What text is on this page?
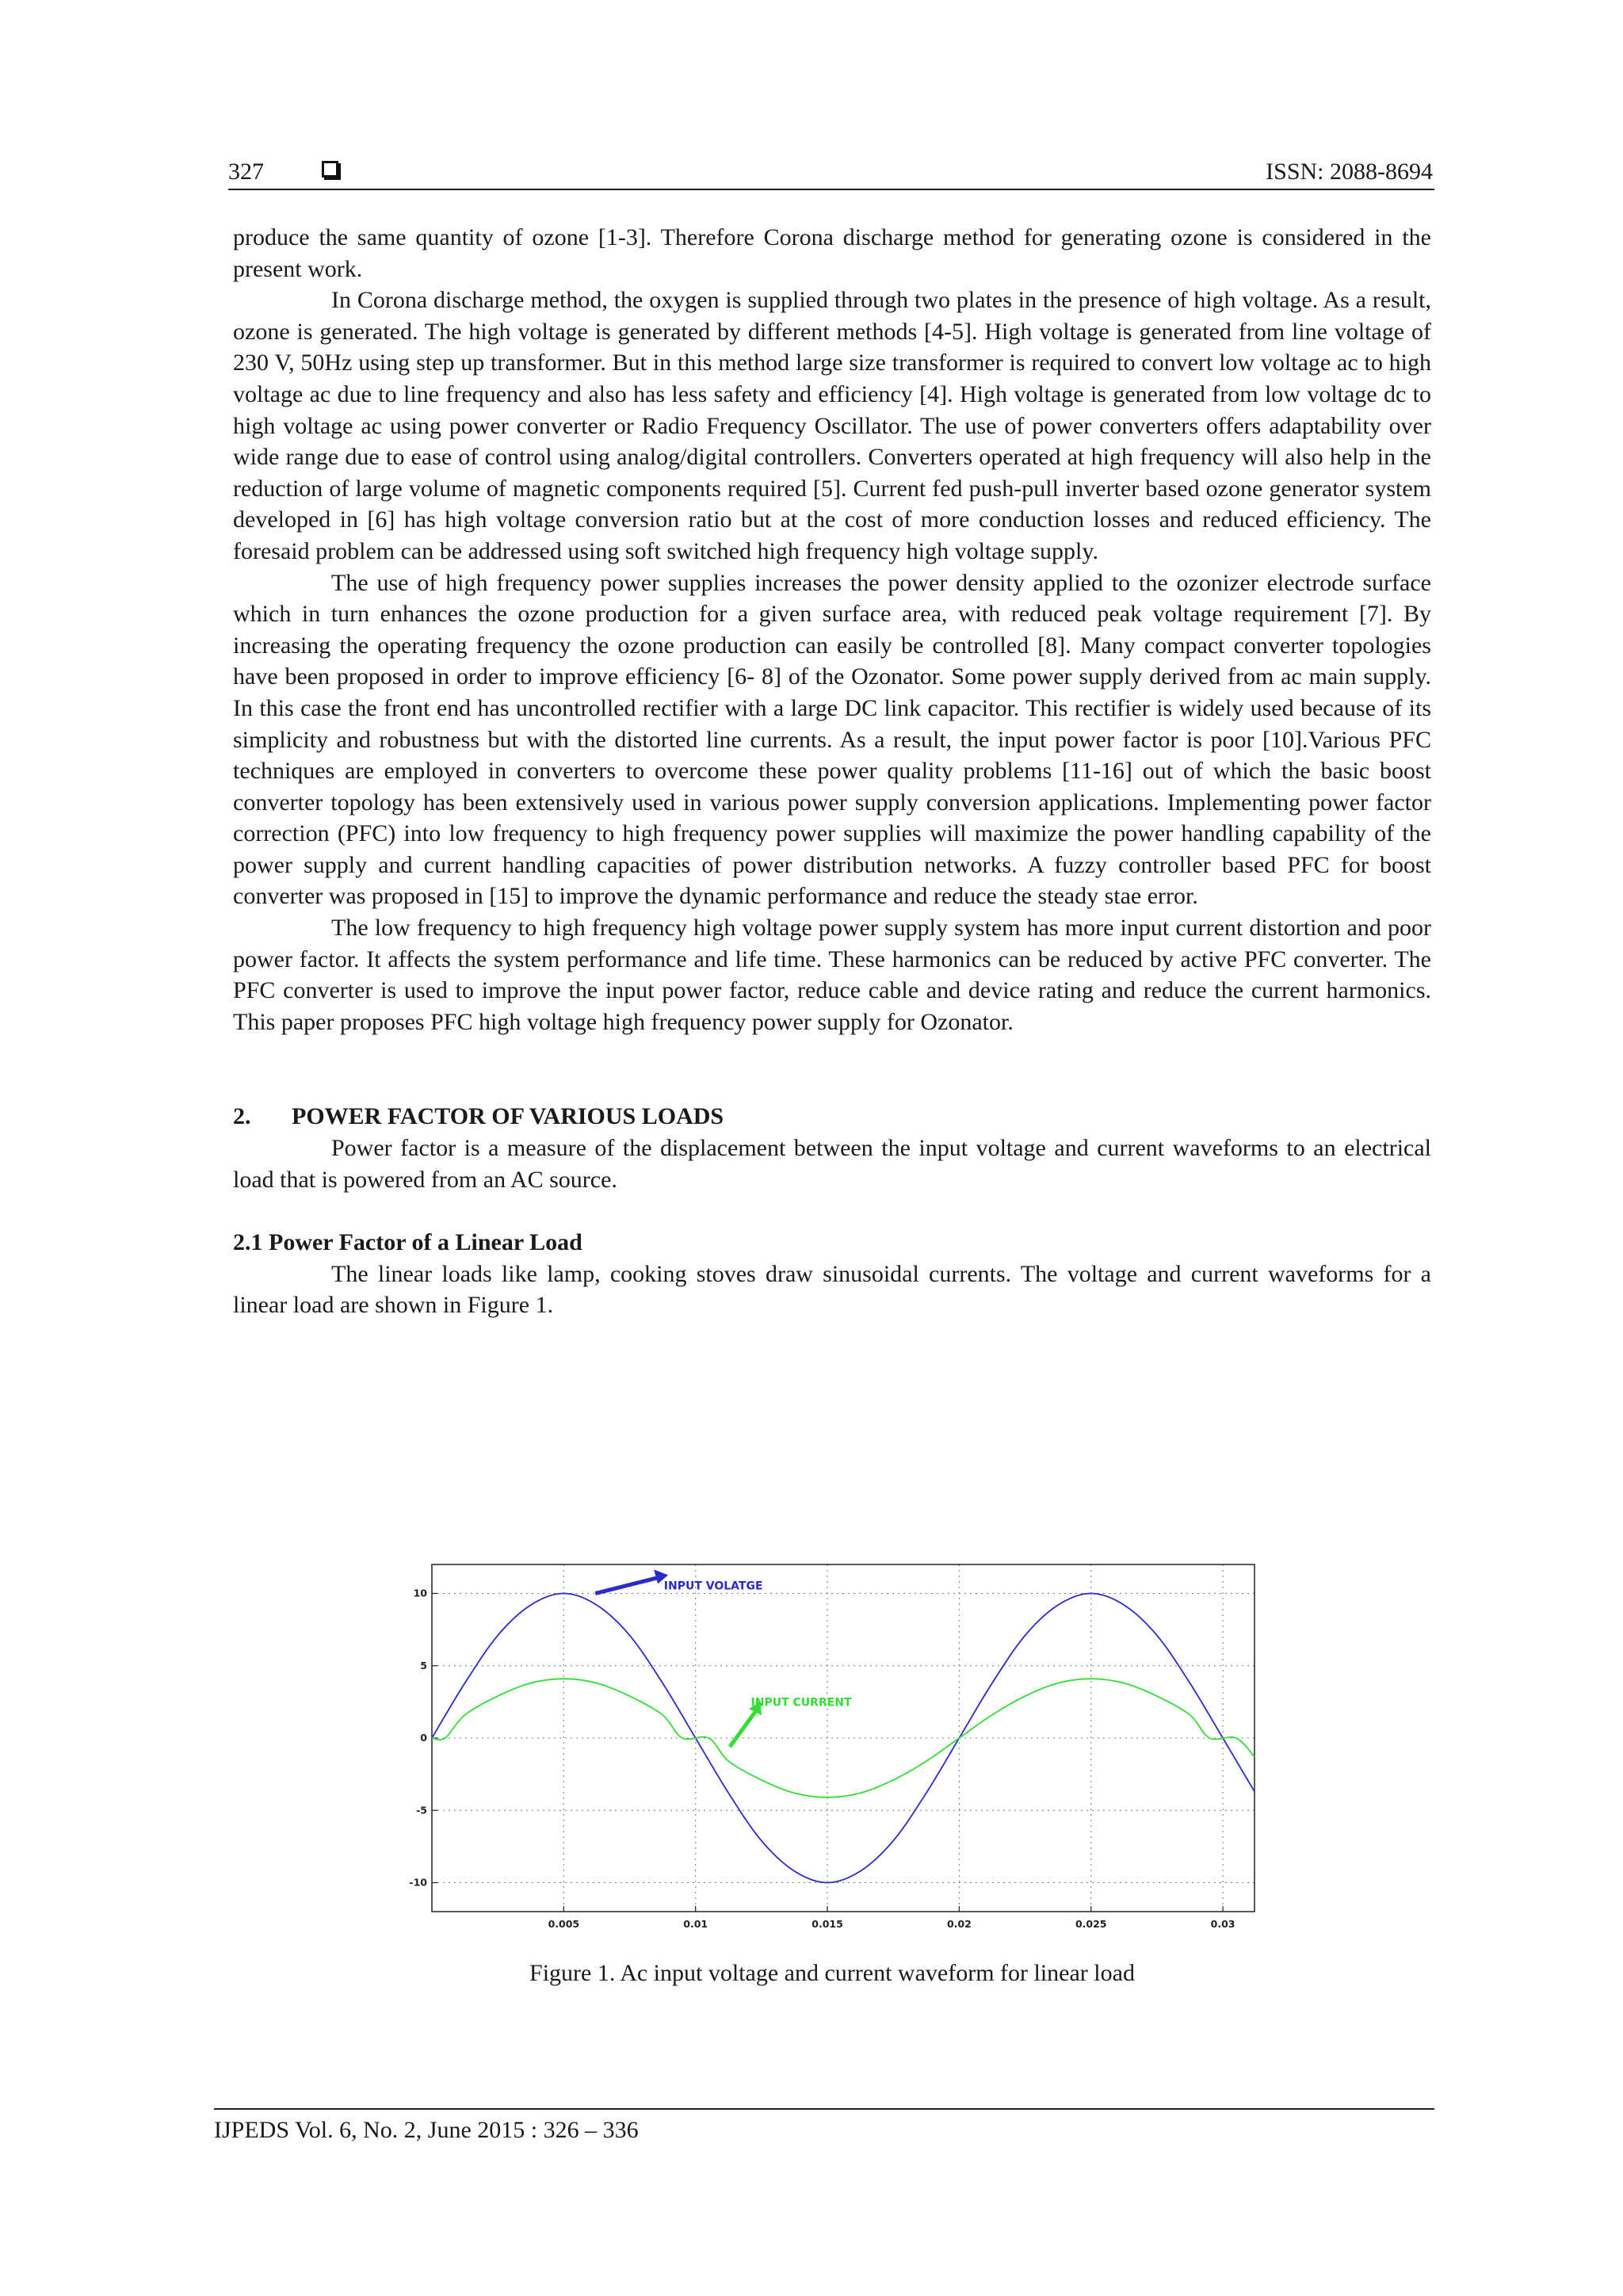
327	ISSN: 2088-8694

produce the same quantity of ozone [1-3]. Therefore Corona discharge method for generating ozone is considered in the present work.

In Corona discharge method, the oxygen is supplied through two plates in the presence of high voltage. As a result, ozone is generated. The high voltage is generated by different methods [4-5]. High voltage is generated from line voltage of 230 V, 50Hz using step up transformer. But in this method large size transformer is required to convert low voltage ac to high voltage ac due to line frequency and also has less safety and efficiency [4]. High voltage is generated from low voltage dc to high voltage ac using power converter or Radio Frequency Oscillator. The use of power converters offers adaptability over wide range due to ease of control using analog/digital controllers. Converters operated at high frequency will also help in the reduction of large volume of magnetic components required [5]. Current fed push-pull inverter based ozone generator system developed in [6] has high voltage conversion ratio but at the cost of more conduction losses and reduced efficiency. The foresaid problem can be addressed using soft switched high frequency high voltage supply.

The use of high frequency power supplies increases the power density applied to the ozonizer electrode surface which in turn enhances the ozone production for a given surface area, with reduced peak voltage requirement [7]. By increasing the operating frequency the ozone production can easily be controlled [8]. Many compact converter topologies have been proposed in order to improve efficiency [6- 8] of the Ozonator. Some power supply derived from ac main supply. In this case the front end has uncontrolled rectifier with a large DC link capacitor. This rectifier is widely used because of its simplicity and robustness but with the distorted line currents. As a result, the input power factor is poor [10].Various PFC techniques are employed in converters to overcome these power quality problems [11-16] out of which the basic boost converter topology has been extensively used in various power supply conversion applications. Implementing power factor correction (PFC) into low frequency to high frequency power supplies will maximize the power handling capability of the power supply and current handling capacities of power distribution networks. A fuzzy controller based PFC for boost converter was proposed in [15] to improve the dynamic performance and reduce the steady stae error.

The low frequency to high frequency high voltage power supply system has more input current distortion and poor power factor. It affects the system performance and life time. These harmonics can be reduced by active PFC converter. The PFC converter is used to improve the input power factor, reduce cable and device rating and reduce the current harmonics. This paper proposes PFC high voltage high frequency power supply for Ozonator.

2. POWER FACTOR OF VARIOUS LOADS

Power factor is a measure of the displacement between the input voltage and current waveforms to an electrical load that is powered from an AC source.

2.1 Power Factor of a Linear Load

The linear loads like lamp, cooking stoves draw sinusoidal currents. The voltage and current waveforms for a linear load are shown in Figure 1.

0.005	0.01	0.015	0.02	0.025	0.03
10
5
0
-5
-10
INPUT VOLATGE
INPUT CURRENT
Figure 1. Ac input voltage and current waveform for linear load
IJPEDS Vol. 6, No. 2, June 2015 : 326 – 336
